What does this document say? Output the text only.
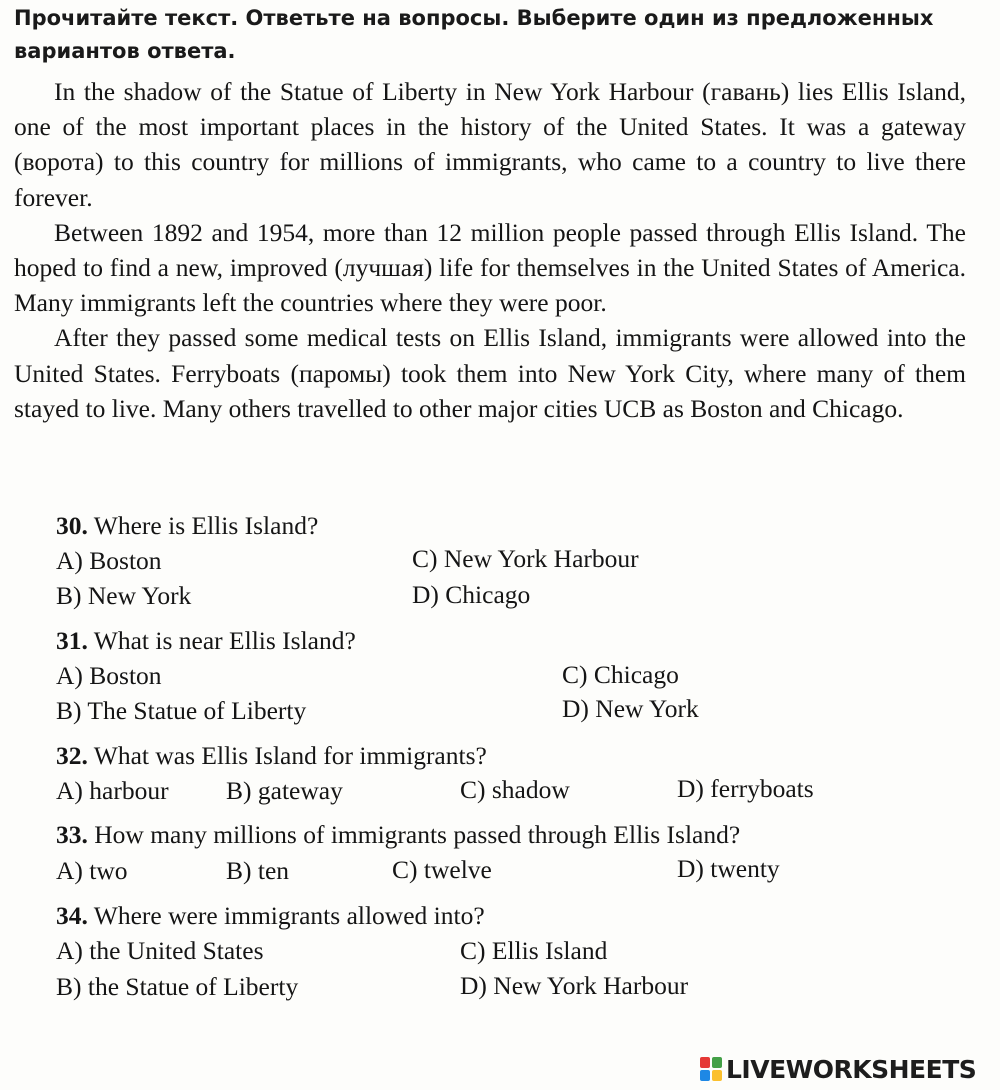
Прочитайте текст. Ответьте на вопросы. Выберите один из предложенных вариантов ответа.

In the shadow of the Statue of Liberty in New York Harbour (гавань) lies Ellis Island, one of the most important places in the history of the United States. It was a gateway (ворота) to this country for millions of immigrants, who came to a country to live there forever.

Between 1892 and 1954, more than 12 million people passed through Ellis Island. The hoped to find a new, improved (лучшая) life for themselves in the United States of America. Many immigrants left the countries where they were poor.

After they passed some medical tests on Ellis Island, immigrants were allowed into the United States. Ferryboats (паромы) took them into New York City, where many of them stayed to live. Many others travelled to other major cities UCB as Boston and Chicago.

30. Where is Ellis Island?
A) Boston
B) New York
C) New York Harbour
D) Chicago
31. What is near Ellis Island?
A) Boston
B) The Statue of Liberty
C) Chicago
D) New York
32. What was Ellis Island for immigrants?
A) harbour B) gateway	C) shadow	D) ferryboats
33. How many millions of immigrants passed through Ellis Island?
A) two	B) ten	C) twelve	D) twenty
34. Where were immigrants allowed into?
A) the United States
B) the Statue of Liberty
C) Ellis Island
D) New York Harbour
LIVEWORKSHEETS
